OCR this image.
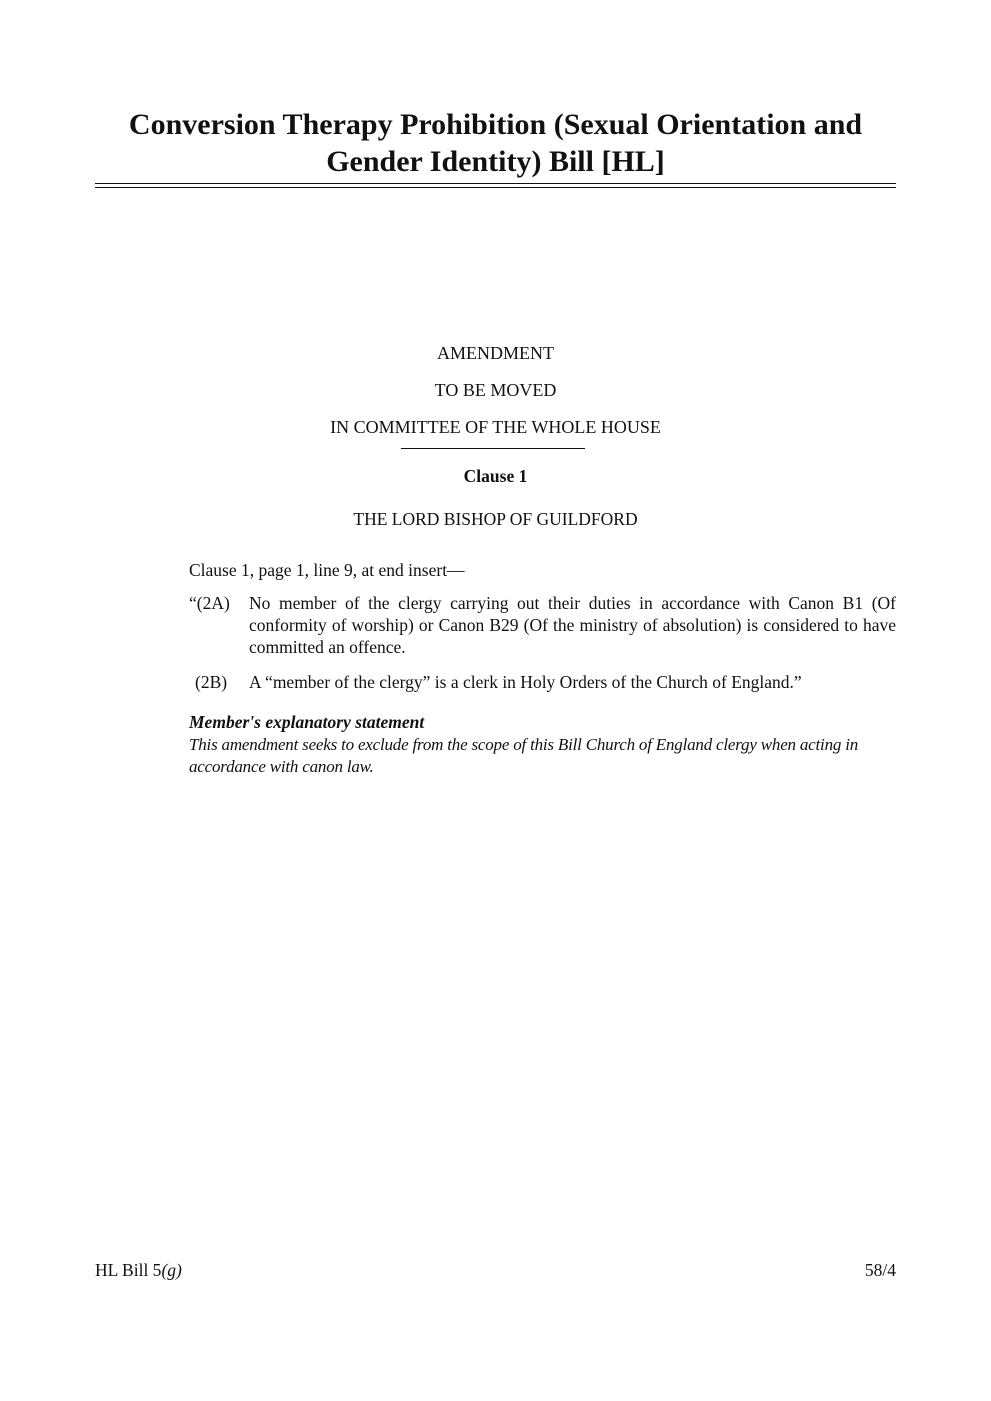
Conversion Therapy Prohibition (Sexual Orientation and Gender Identity) Bill [HL]
AMENDMENT
TO BE MOVED
IN COMMITTEE OF THE WHOLE HOUSE
Clause 1
THE LORD BISHOP OF GUILDFORD
Clause 1, page 1, line 9, at end insert—
“(2A)	No member of the clergy carrying out their duties in accordance with Canon B1 (Of conformity of worship) or Canon B29 (Of the ministry of absolution) is considered to have committed an offence.
(2B)	A “member of the clergy” is a clerk in Holy Orders of the Church of England.”
Member's explanatory statement
This amendment seeks to exclude from the scope of this Bill Church of England clergy when acting in accordance with canon law.
HL Bill 5(g)	58/4
